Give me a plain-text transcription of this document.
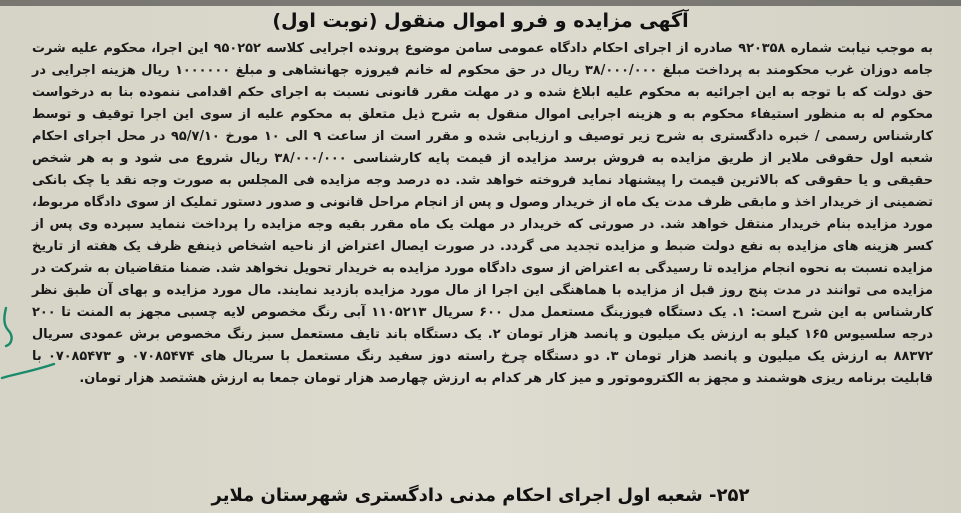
آگهی مزایده و فرو اموال منقول (نوبت اول)

به موجب نیابت شماره ۹۲۰۳۵۸ صادره از اجرای احکام دادگاه عمومی سامن موضوع پرونده اجرایی کلاسه ۹۵۰۲۵۲ این اجرا، محکوم علیه شرت جامه دوزان غرب محکومند به پرداخت مبلغ ۳۸/۰۰۰/۰۰۰ ریال در حق محکوم له خانم فیروزه جهانشاهی و مبلغ ۱۰۰۰۰۰۰ ریال هزینه اجرایی در حق دولت که با توجه به این اجرائیه به محکوم علیه ابلاغ شده و در مهلت مقرر قانونی نسبت به اجرای حکم اقدامی ننموده بنا به درخواست محکوم له به منظور استیفاء محکوم به و هزینه اجرایی اموال منقول به شرح ذیل متعلق به محکوم علیه از سوی این اجرا توقیف و توسط کارشناس رسمی / خبره دادگستری به شرح زیر توصیف و ارزیابی شده و مقرر است از ساعت ۹ الی ۱۰ مورخ ۹۵/۷/۱۰ در محل اجرای احکام شعبه اول حقوقی ملایر از طریق مزایده به فروش برسد مزایده از قیمت پایه کارشناسی ۳۸/۰۰۰/۰۰۰ ریال شروع می شود و به هر شخص حقیقی و یا حقوقی که بالاترین قیمت را پیشنهاد نماید فروخته خواهد شد. ده درصد وجه مزایده فی المجلس به صورت وجه نقد یا چک بانکی تضمینی از خریدار اخذ و مابقی ظرف مدت یک ماه از خریدار وصول و پس از انجام مراحل قانونی و صدور دستور تملیک از سوی دادگاه مربوط، مورد مزایده بنام خریدار منتقل خواهد شد. در صورتی که خریدار در مهلت یک ماه مقرر بقیه وجه مزایده را پرداخت ننماید سپرده وی پس از کسر هزینه های مزایده به نفع دولت ضبط و مزایده تجدید می گردد. در صورت ایصال اعتراض از ناحیه اشخاص ذینفع ظرف یک هفته از تاریخ مزایده نسبت به نحوه انجام مزایده تا رسیدگی به اعتراض از سوی دادگاه مورد مزایده به خریدار تحویل نخواهد شد. ضمنا متقاضیان به شرکت در مزایده می توانند در مدت پنج روز قبل از مزایده با هماهنگی این اجرا از مال مورد مزایده بازدید نمایند. مال مورد مزایده و بهای آن طبق نظر کارشناس به این شرح است: ۱. یک دستگاه فیوزینگ مستعمل مدل ۶۰۰ سریال ۱۱۰۵۲۱۳ آبی رنگ مخصوص لایه چسبی مجهز به المنت تا ۲۰۰ درجه سلسیوس ۱۶۵ کیلو به ارزش یک میلیون و پانصد هزار تومان ۲. یک دستگاه باند تایف مستعمل سبز رنگ مخصوص برش عمودی سریال ۸۸۳۷۲ به ارزش یک میلیون و پانصد هزار تومان ۳. دو دستگاه چرخ راسته دوز سفید رنگ مستعمل با سریال های ۰۷۰۸۵۴۷۴ و ۰۷۰۸۵۴۷۳ با قابلیت برنامه ریزی هوشمند و مجهز به الکتروموتور و میز کار هر کدام به ارزش چهارصد هزار تومان جمعا به ارزش هشتصد هزار تومان.

۲۵۲- شعبه اول اجرای احکام مدنی دادگستری شهرستان ملایر
